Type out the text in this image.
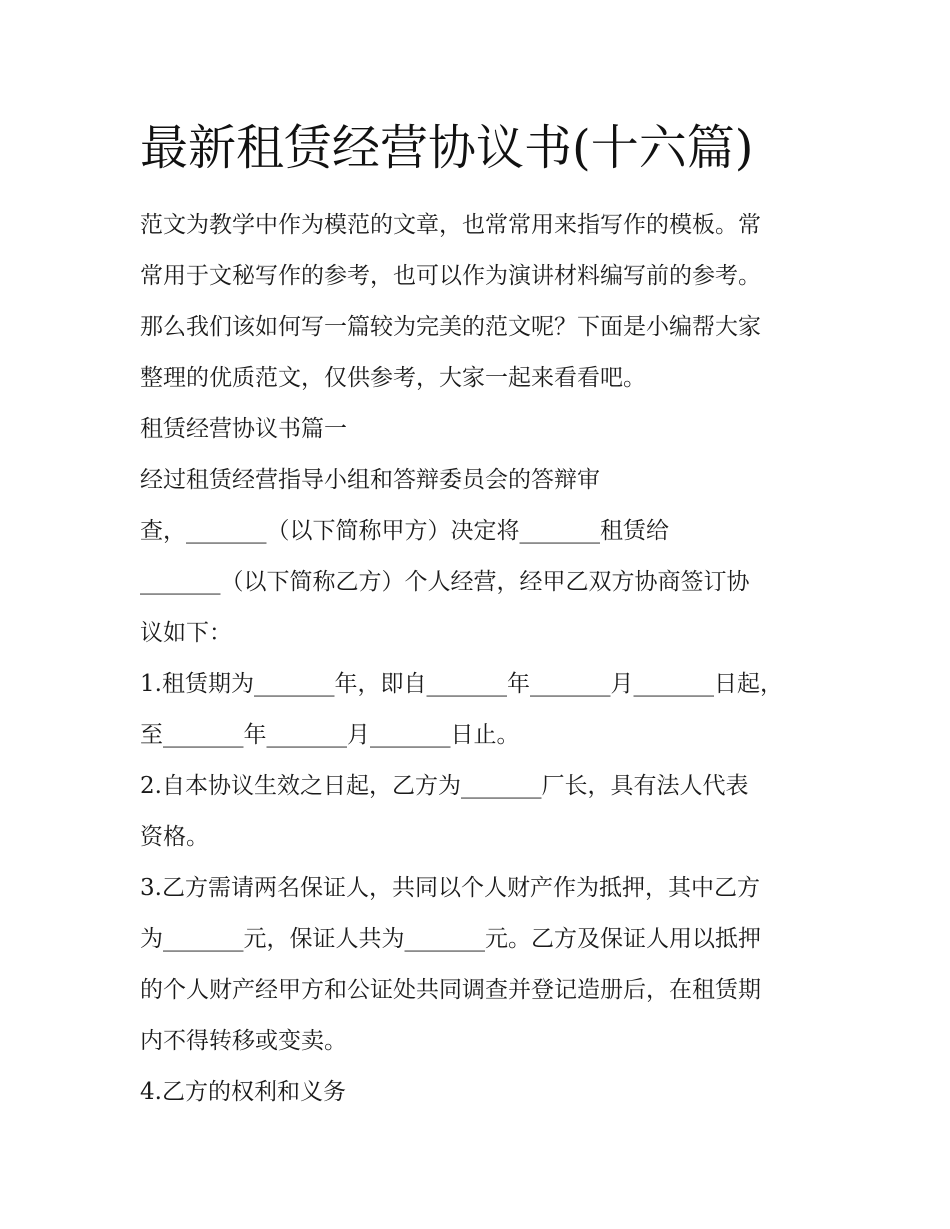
最新租赁经营协议书(十六篇)

范文为教学中作为模范的文章，也常常用来指写作的模板。常

常用于文秘写作的参考，也可以作为演讲材料编写前的参考。

那么我们该如何写一篇较为完美的范文呢？下面是小编帮大家

整理的优质范文，仅供参考，大家一起来看看吧。

租赁经营协议书篇一

经过租赁经营指导小组和答辩委员会的答辩审

查，_______（以下简称甲方）决定将_______租赁给

_______（以下简称乙方）个人经营，经甲乙双方协商签订协

议如下：

1.租赁期为_______年，即自_______年_______月_______日起，

至_______年_______月_______日止。

2.自本协议生效之日起，乙方为_______厂长，具有法人代表

资格。

3.乙方需请两名保证人，共同以个人财产作为抵押，其中乙方

为_______元，保证人共为_______元。乙方及保证人用以抵押

的个人财产经甲方和公证处共同调查并登记造册后，在租赁期

内不得转移或变卖。

4.乙方的权利和义务
